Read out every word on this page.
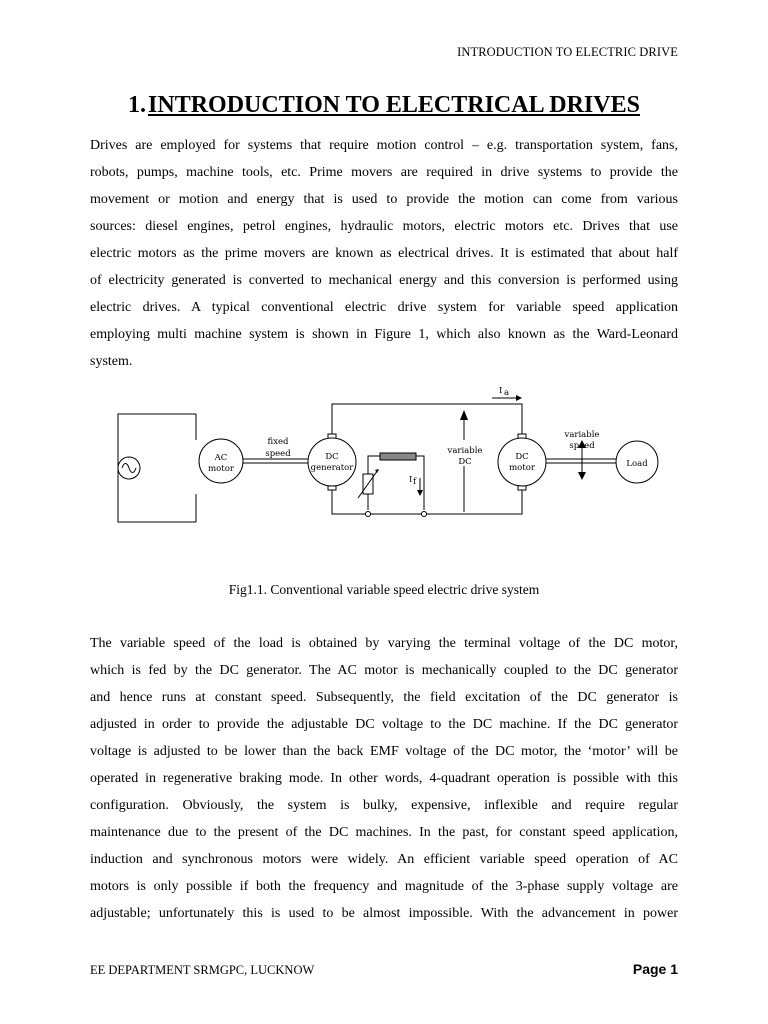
INTRODUCTION TO ELECTRIC DRIVE
1.INTRODUCTION TO ELECTRICAL DRIVES
Drives are employed for systems that require motion control – e.g. transportation system, fans,
robots, pumps, machine tools, etc. Prime movers are required in drive systems to provide the
movement or motion and energy that is used to provide the motion can come from various
sources: diesel engines, petrol engines, hydraulic motors, electric motors etc. Drives that use
electric motors as the prime movers are known as electrical drives. It is estimated that about half
of electricity generated is converted to mechanical energy and this conversion is performed using
electric drives. A typical conventional electric drive system for variable speed application
employing multi machine system is shown in Figure 1, which also known as the Ward-Leonard
system.
AC
motor
fixed
speed	DC
generator
I a
variable
DC
I f
DC
motor
variable
speed
Load
Fig1.1. Conventional variable speed electric drive system
The variable speed of the load is obtained by varying the terminal voltage of the DC motor,
which is fed by the DC generator. The AC motor is mechanically coupled to the DC generator
and hence runs at constant speed. Subsequently, the field excitation of the DC generator is
adjusted in order to provide the adjustable DC voltage to the DC machine. If the DC generator
voltage is adjusted to be lower than the back EMF voltage of the DC motor, the ‘motor’ will be
operated in regenerative braking mode. In other words, 4-quadrant operation is possible with this
configuration. Obviously, the system is bulky, expensive, inflexible and require regular
maintenance due to the present of the DC machines. In the past, for constant speed application,
induction and synchronous motors were widely. An efficient variable speed operation of AC
motors is only possible if both the frequency and magnitude of the 3-phase supply voltage are
adjustable; unfortunately this is used to be almost impossible. With the advancement in power
EE DEPARTMENT SRMGPC, LUCKNOW	Page 1
